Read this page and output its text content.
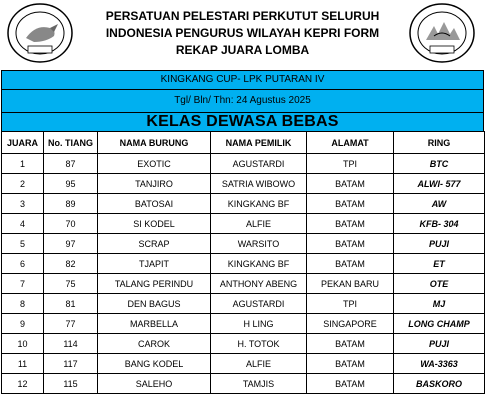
PERSATUAN PELESTARI PERKUTUT SELURUH
INDONESIA PENGURUS WILAYAH KEPRI FORM
REKAP JUARA LOMBA
KINGKANG CUP- LPK PUTARAN IV
Tgl/ Bln/ Thn: 24 Agustus 2025
KELAS DEWASA BEBAS
JUARA	No. TIANG	NAMA BURUNG	NAMA PEMILIK	ALAMAT	RING
1	87	EXOTIC	AGUSTARDI	TPI	BTC
2	95	TANJIRO	SATRIA WIBOWO	BATAM	ALWI- 577
3	89	BATOSAI	KINGKANG BF	BATAM	AW
4	70	SI KODEL	ALFIE	BATAM	KFB- 304
5	97	SCRAP	WARSITO	BATAM	PUJI
6	82	TJAPIT	KINGKANG BF	BATAM	ET
7	75	TALANG PERINDU	ANTHONY ABENG	PEKAN BARU	OTE
8	81	DEN BAGUS	AGUSTARDI	TPI	MJ
9	77	MARBELLA	H LING	SINGAPORE	LONG CHAMP
10	114	CAROK	H. TOTOK	BATAM	PUJI
11	117	BANG KODEL	ALFIE	BATAM	WA-3363
12	115	SALEHO	TAMJIS	BATAM	BASKORO
